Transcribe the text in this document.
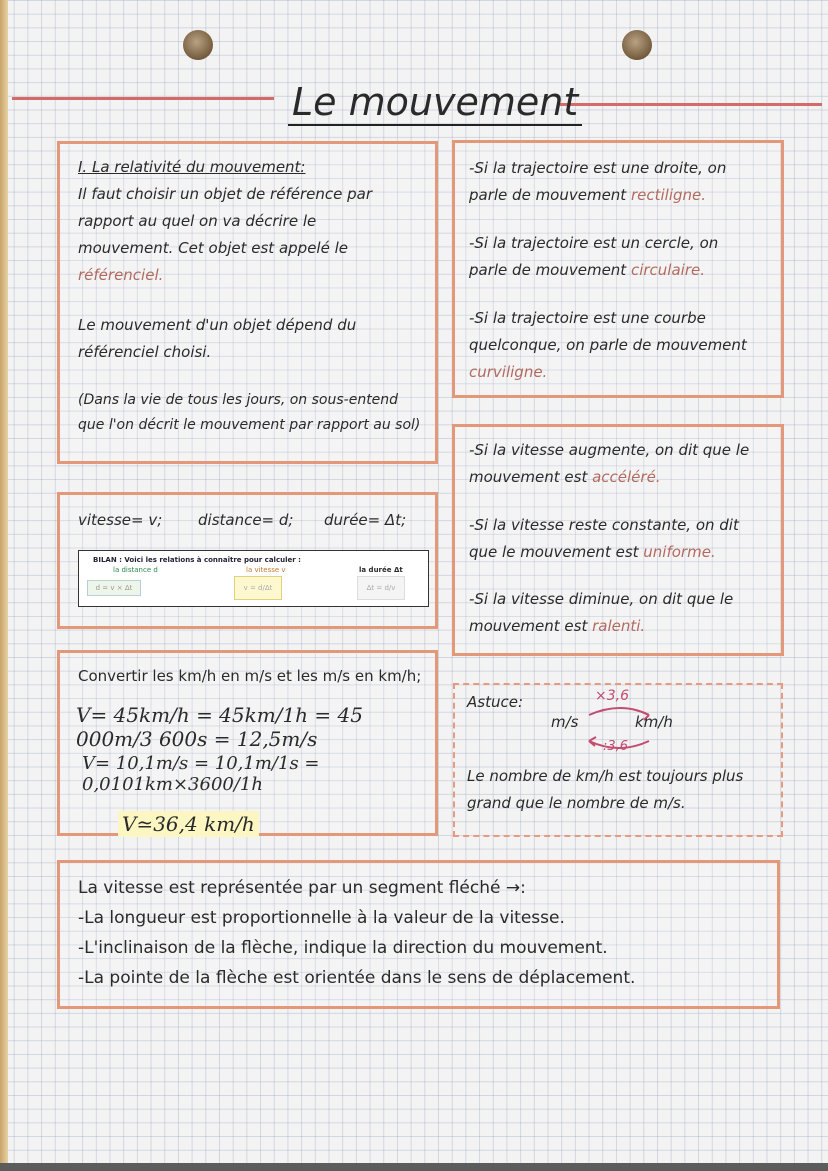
Le mouvement
I. La relativité du mouvement:
Il faut choisir un objet de référence par
rapport au quel on va décrire le
mouvement. Cet objet est appelé le
référenciel.
Le mouvement d'un objet dépend du
référenciel choisi.
(Dans la vie de tous les jours, on sous-entend
que l'on décrit le mouvement par rapport au sol)
-Si la trajectoire est une droite, on
parle de mouvement rectiligne.
-Si la trajectoire est un cercle, on
parle de mouvement circulaire.
-Si la trajectoire est une courbe
quelconque, on parle de mouvement
curviligne.
-Si la vitesse augmente, on dit que le
mouvement est accéléré.
-Si la vitesse reste constante, on dit
que le mouvement est uniforme.
-Si la vitesse diminue, on dit que le
mouvement est ralenti.
vitesse= v; distance= d; durée= Δt;
BILAN : Voici les relations à connaître pour calculer :
la distance d	la vitesse v	la durée Δt
d = v × Δt	v = d/Δt	Δt = d/v
Convertir les km/h en m/s et les m/s en km/h;
V= 45km/h = 45km/1h = 45 000m/3 600s = 12,5m/s
V= 10,1m/s = 10,1m/1s = 0,0101km×3600/1h
V≃36,4 km/h
Astuce:	×3,6
m/s	km/h
:3,6
Le nombre de km/h est toujours plus
grand que le nombre de m/s.
La vitesse est représentée par un segment fléché →:
-La longueur est proportionnelle à la valeur de la vitesse.
-L'inclinaison de la flèche, indique la direction du mouvement.
-La pointe de la flèche est orientée dans le sens de déplacement.
